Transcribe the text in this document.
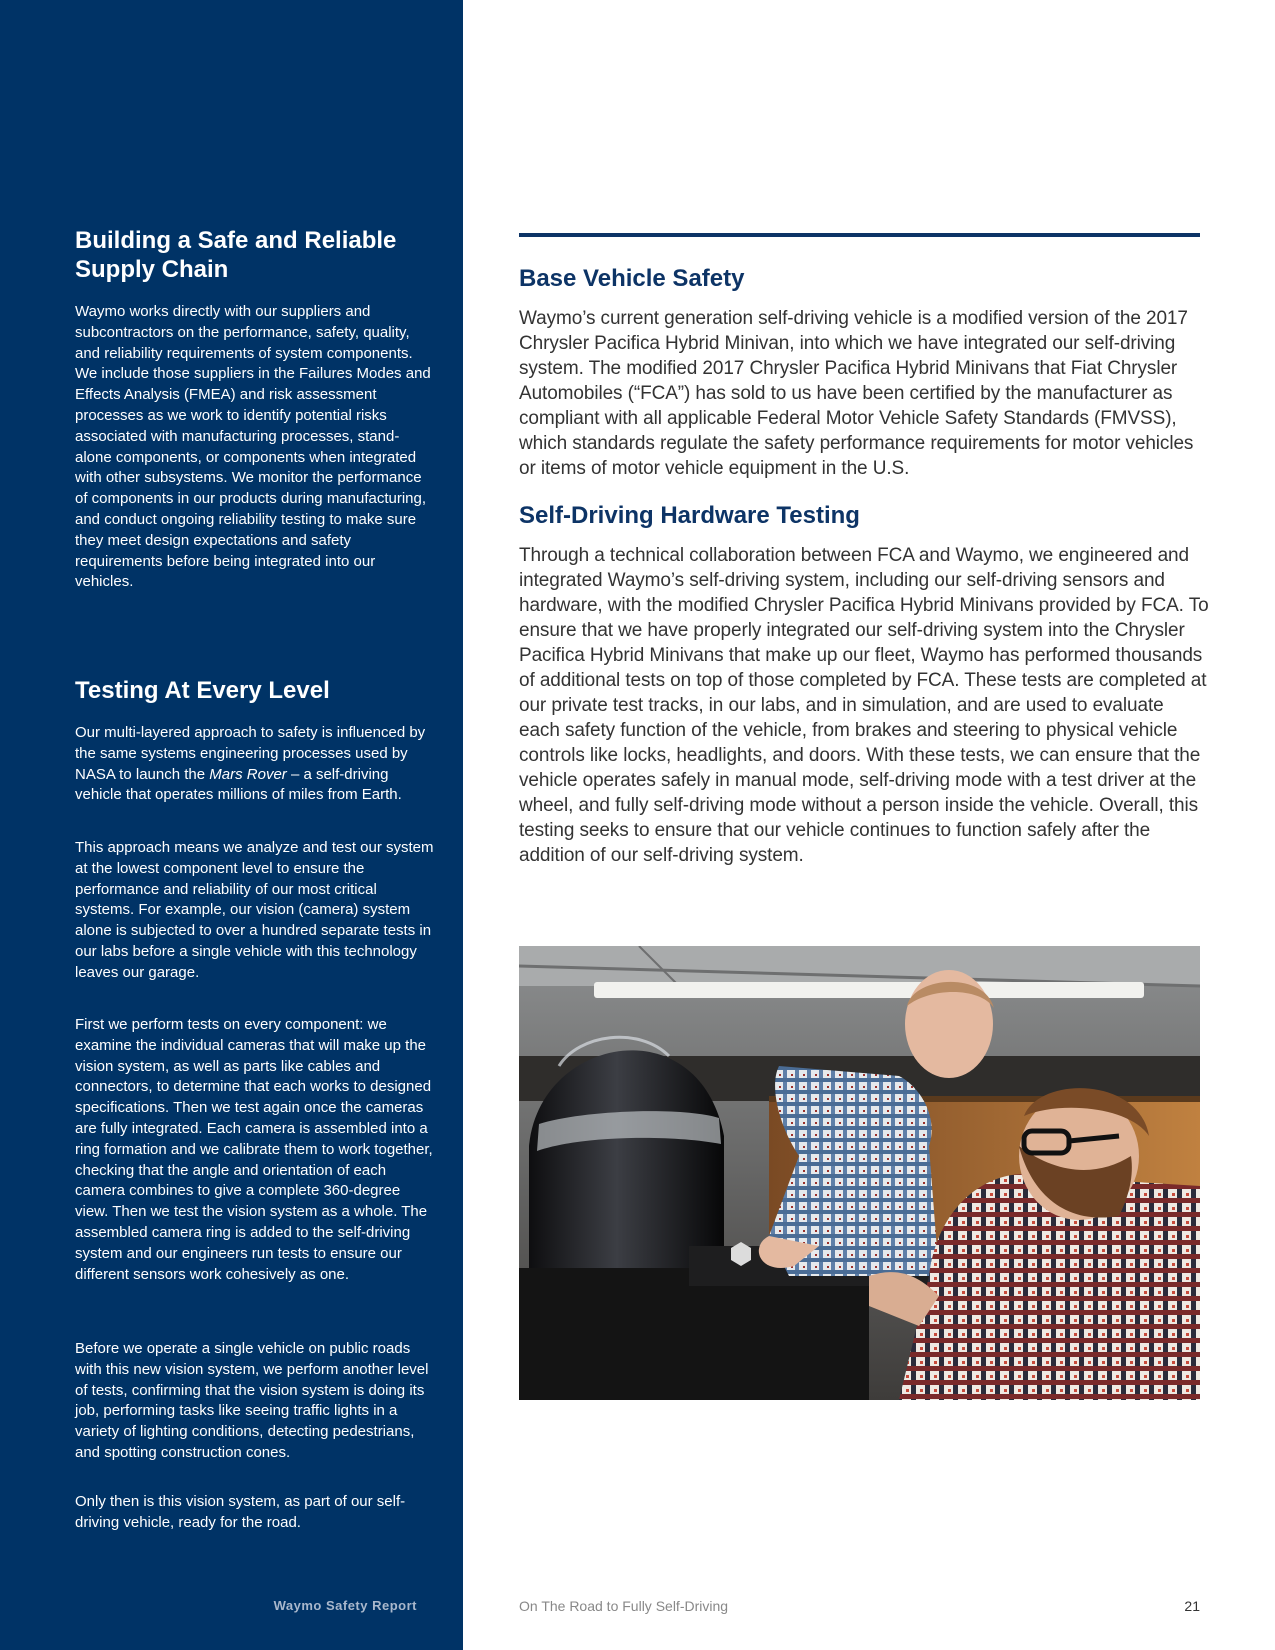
Building a Safe and Reliable Supply Chain

Waymo works directly with our suppliers and subcontractors on the performance, safety, quality, and reliability requirements of system components. We include those suppliers in the Failures Modes and Effects Analysis (FMEA) and risk assessment processes as we work to identify potential risks associated with manufacturing processes, stand-alone components, or components when integrated with other subsystems. We monitor the performance of components in our products during manufacturing, and conduct ongoing reliability testing to make sure they meet design expectations and safety requirements before being integrated into our vehicles.

Testing At Every Level

Our multi-layered approach to safety is influenced by the same systems engineering processes used by NASA to launch the Mars Rover – a self-driving vehicle that operates millions of miles from Earth.

This approach means we analyze and test our system at the lowest component level to ensure the performance and reliability of our most critical systems. For example, our vision (camera) system alone is subjected to over a hundred separate tests in our labs before a single vehicle with this technology leaves our garage.

First we perform tests on every component: we examine the individual cameras that will make up the vision system, as well as parts like cables and connectors, to determine that each works to designed specifications. Then we test again once the cameras are fully integrated. Each camera is assembled into a ring formation and we calibrate them to work together, checking that the angle and orientation of each camera combines to give a complete 360-degree view. Then we test the vision system as a whole. The assembled camera ring is added to the self-driving system and our engineers run tests to ensure our different sensors work cohesively as one.

Before we operate a single vehicle on public roads with this new vision system, we perform another level of tests, confirming that the vision system is doing its job, performing tasks like seeing traffic lights in a variety of lighting conditions, detecting pedestrians, and spotting construction cones.

Only then is this vision system, as part of our self-driving vehicle, ready for the road.

Waymo Safety Report
Base Vehicle Safety

Waymo’s current generation self-driving vehicle is a modified version of the 2017 Chrysler Pacifica Hybrid Minivan, into which we have integrated our self-driving system. The modified 2017 Chrysler Pacifica Hybrid Minivans that Fiat Chrysler Automobiles (“FCA”) has sold to us have been certified by the manufacturer as compliant with all applicable Federal Motor Vehicle Safety Standards (FMVSS), which standards regulate the safety performance requirements for motor vehicles or items of motor vehicle equipment in the U.S.

Self-Driving Hardware Testing

Through a technical collaboration between FCA and Waymo, we engineered and integrated Waymo’s self-driving system, including our self-driving sensors and hardware, with the modified Chrysler Pacifica Hybrid Minivans provided by FCA. To ensure that we have properly integrated our self-driving system into the Chrysler Pacifica Hybrid Minivans that make up our fleet, Waymo has performed thousands of additional tests on top of those completed by FCA. These tests are completed at our private test tracks, in our labs, and in simulation, and are used to evaluate each safety function of the vehicle, from brakes and steering to physical vehicle controls like locks, headlights, and doors. With these tests, we can ensure that the vehicle operates safely in manual mode, self-driving mode with a test driver at the wheel, and fully self-driving mode without a person inside the vehicle. Overall, this testing seeks to ensure that our vehicle continues to function safely after the addition of our self-driving system.

On The Road to Fully Self-Driving	21
